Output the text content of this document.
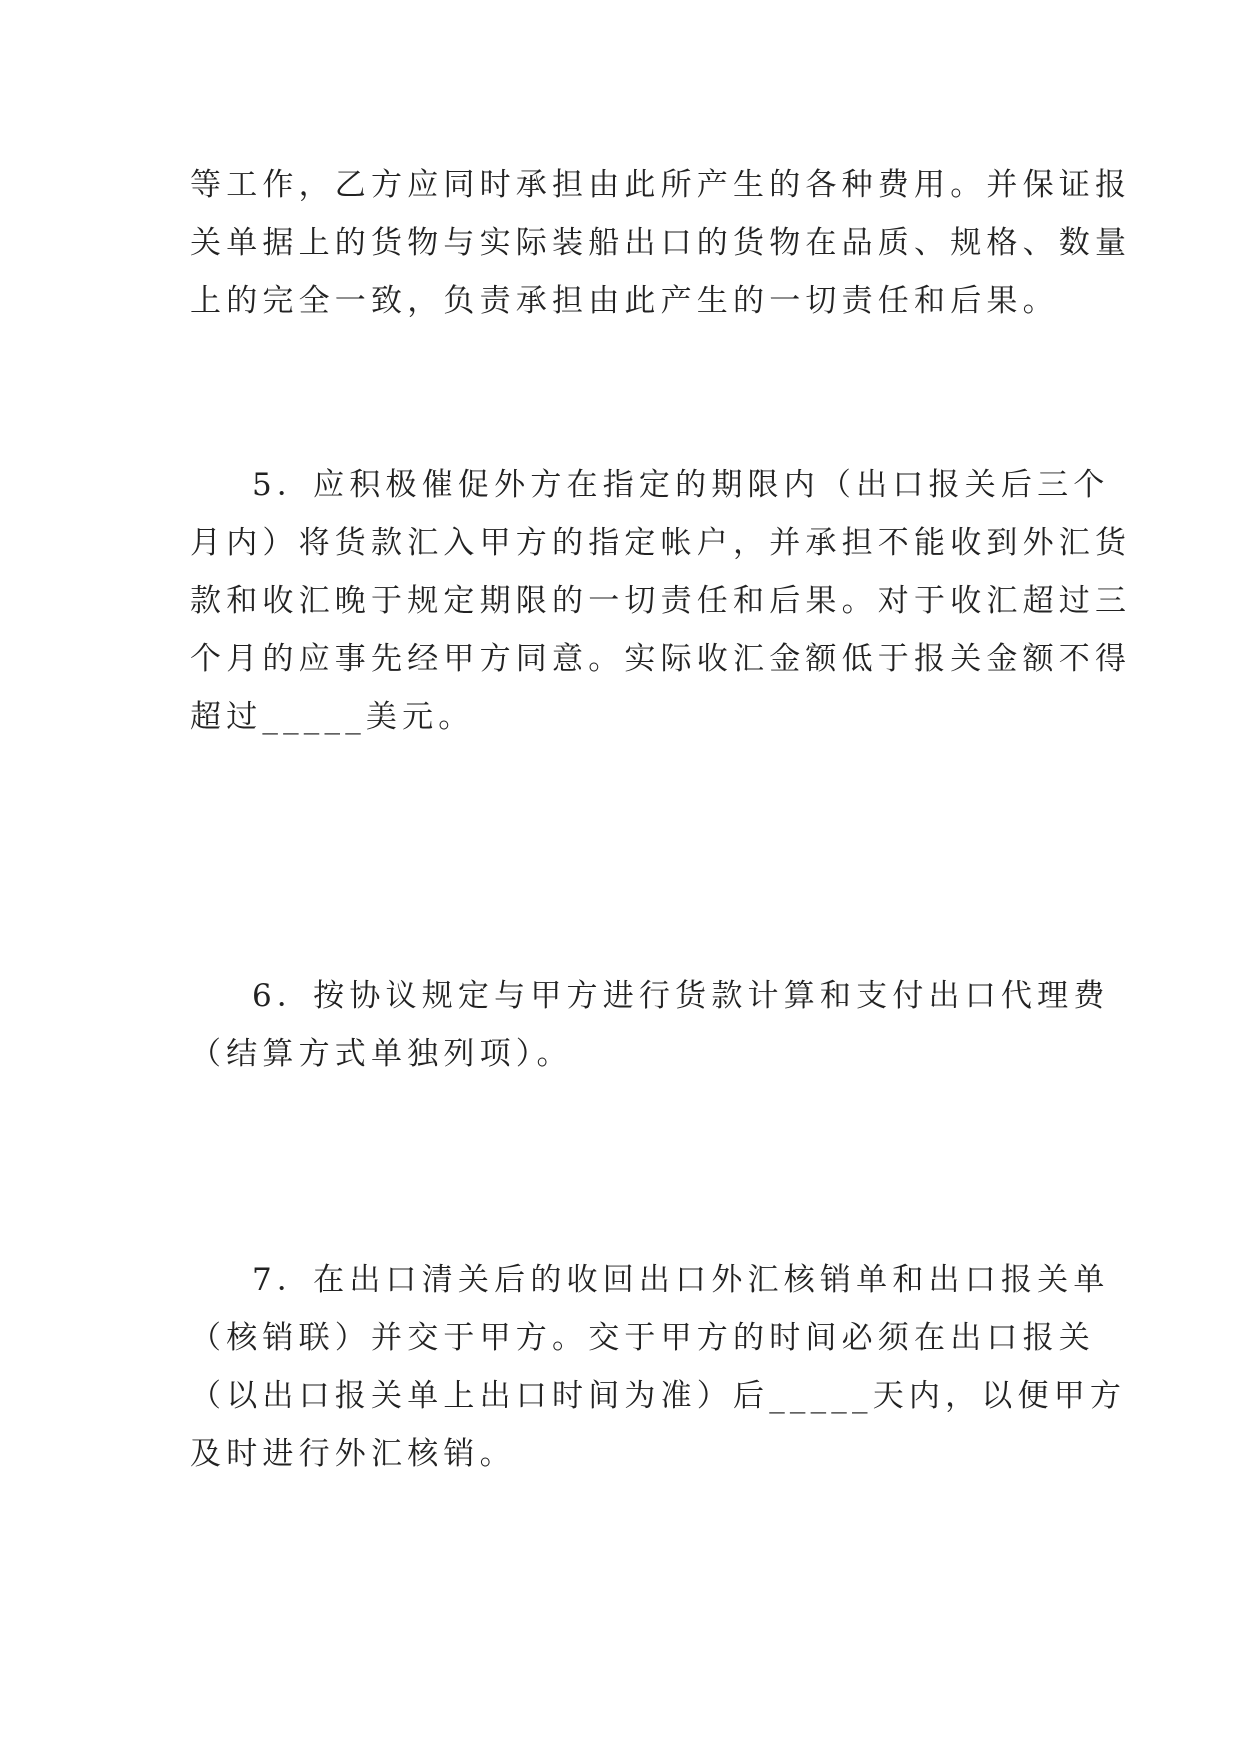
等工作，乙方应同时承担由此所产生的各种费用。并保证报
关单据上的货物与实际装船出口的货物在品质、规格、数量
上的完全一致，负责承担由此产生的一切责任和后果。
5．应积极催促外方在指定的期限内（出口报关后三个
月内）将货款汇入甲方的指定帐户，并承担不能收到外汇货
款和收汇晚于规定期限的一切责任和后果。对于收汇超过三
个月的应事先经甲方同意。实际收汇金额低于报关金额不得
超过_____美元。
6．按协议规定与甲方进行货款计算和支付出口代理费
（结算方式单独列项）。
7．在出口清关后的收回出口外汇核销单和出口报关单
（核销联）并交于甲方。交于甲方的时间必须在出口报关
（以出口报关单上出口时间为准）后_____天内，以便甲方
及时进行外汇核销。
